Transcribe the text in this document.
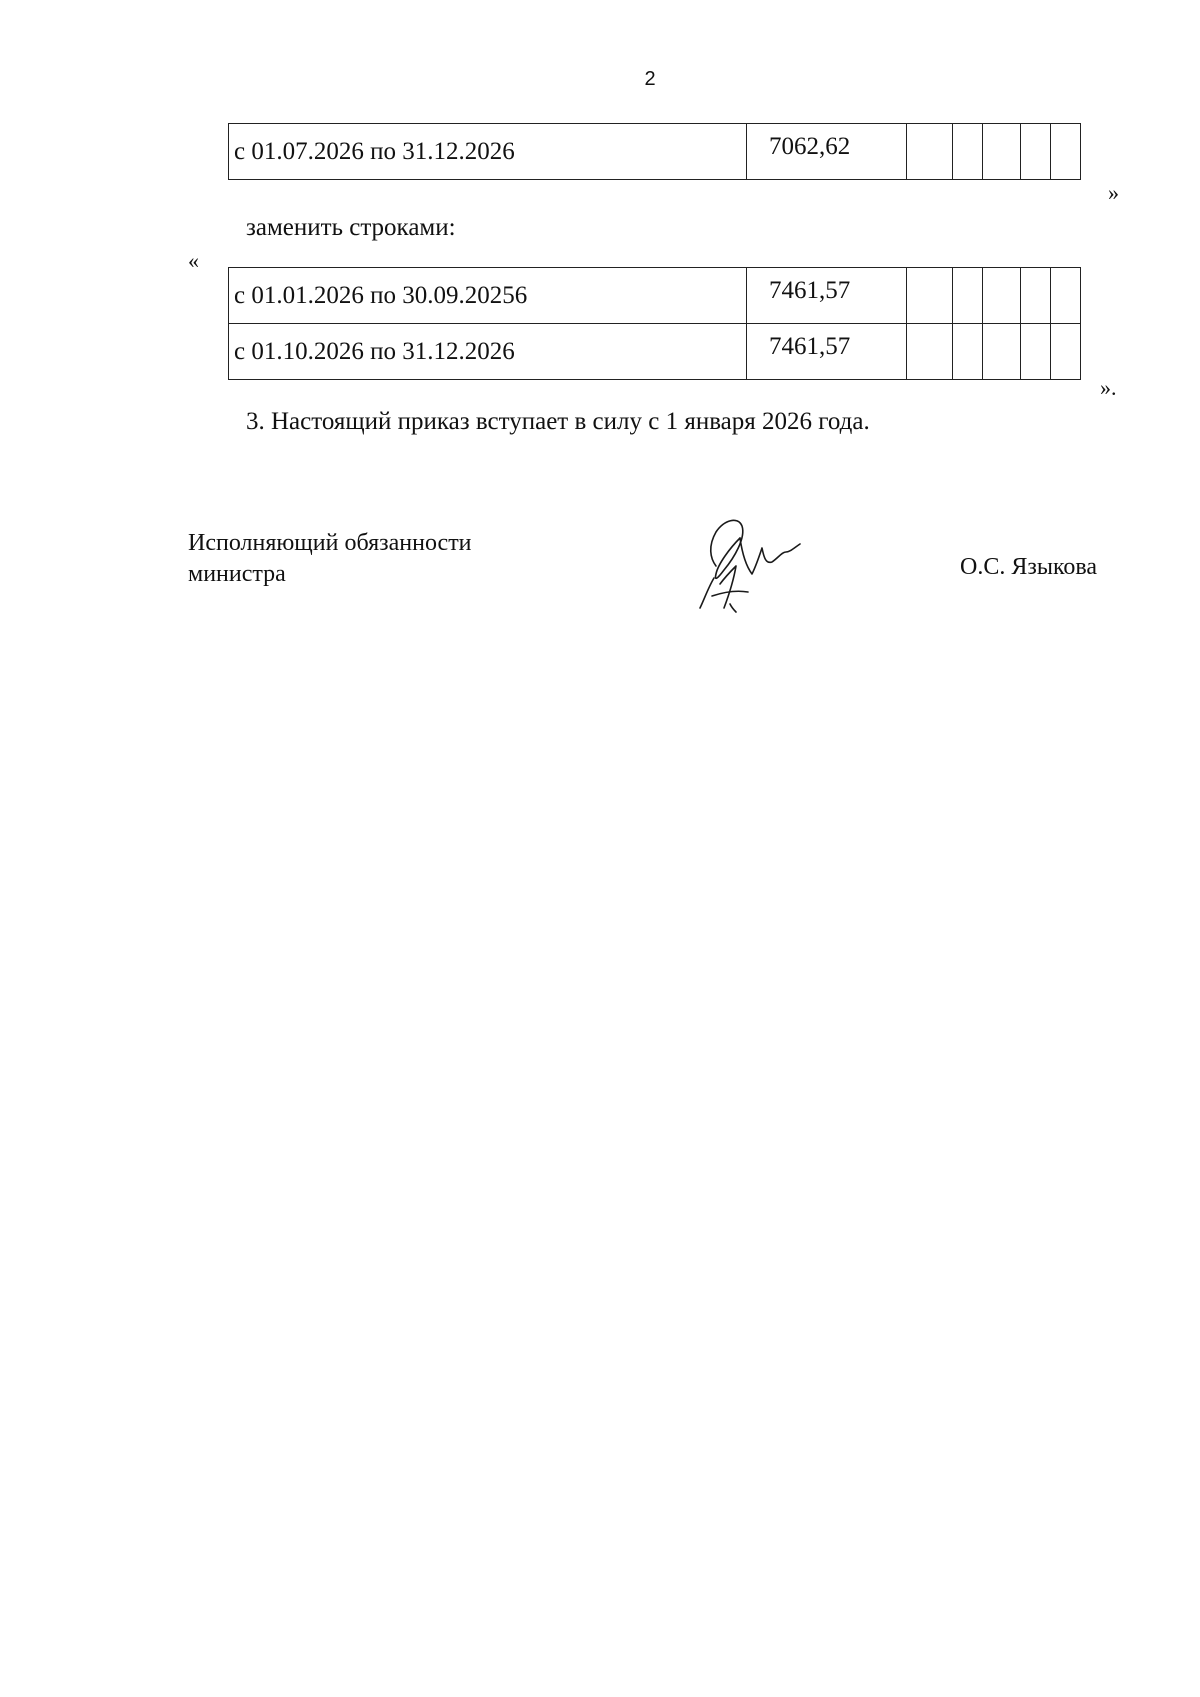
2
с 01.07.2026 по 31.12.2026	7062,62					
»
заменить строками:
«
с 01.01.2026 по 30.09.20256	7461,57					
с 01.10.2026 по 31.12.2026	7461,57					
».
3. Настоящий приказ вступает в силу с 1 января 2026 года.
Исполняющий обязанности
министра	О.С. Языкова
